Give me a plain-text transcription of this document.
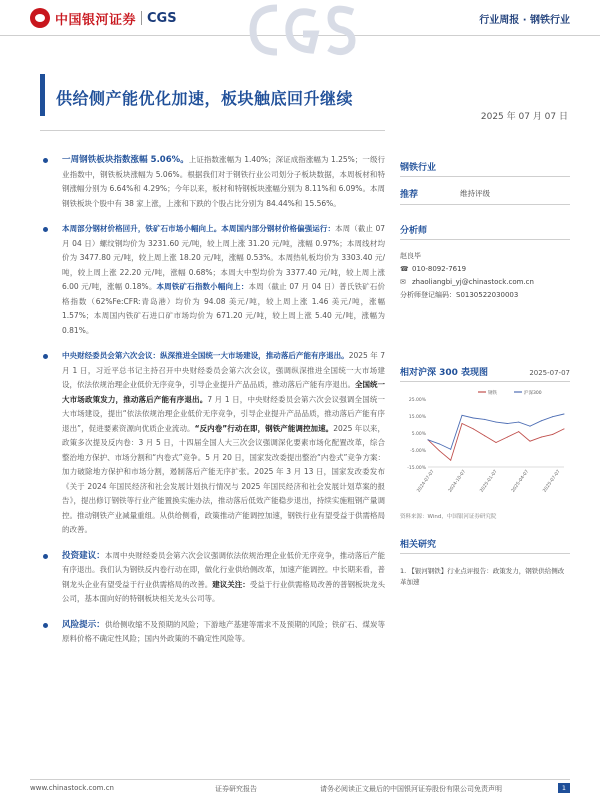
中国银河证券 CGS	行业周报 · 钢铁行业
供给侧产能优化加速，板块触底回升继续
2025 年 07 月 07 日
一周钢铁板块指数涨幅 5.06%。上证指数涨幅为 1.40%；深证成指涨幅为 1.25%；一级行业指数中，钢铁板块涨幅为 5.06%。根据我们对于钢铁行业公司划分子板块数据，本周板材和特钢涨幅分别为 6.64%和 4.29%；今年以来，板材和特钢板块涨幅分别为 8.11%和 6.09%。本周钢铁板块个股中有 38 家上涨，上涨和下跌的个股占比分别为 84.44%和 15.56%。
本周部分钢材价格回升，铁矿石市场小幅向上。本周国内部分钢材价格偏强运行：本周（截止 07 月 04 日）螺纹钢均价为 3231.60 元/吨，较上周上涨 31.20 元/吨，涨幅 0.97%；本周线材均价为 3477.80 元/吨，较上周上涨 18.20 元/吨，涨幅 0.53%。本周热轧板均价为 3303.40 元/吨，较上周上涨 22.20 元/吨，涨幅 0.68%；本周大中型均价为 3377.40 元/吨，较上周上涨 6.00 元/吨，涨幅 0.18%。本周铁矿石指数小幅向上：本周（截止 07 月 04 日）普氏铁矿石价格指数（62%Fe:CFR:青岛港）均价为 94.08 美元/吨，较上周上涨 1.46 美元/吨，涨幅 1.57%；本周国内铁矿石进口矿市场均价为 671.20 元/吨，较上周上涨 5.40 元/吨，涨幅为 0.81%。
中央财经委员会第六次会议：纵深推进全国统一大市场建设，推动落后产能有序退出。2025 年 7 月 1 日，习近平总书记主持召开中央财经委员会第六次会议，强调纵深推进全国统一大市场建设，依法依规治理企业低价无序竞争，引导企业提升产品品质，推动落后产能有序退出。全国统一大市场政策发力，推动落后产能有序退出。7 月 1 日，中央财经委员会第六次会议强调全国统一大市场建设，提出“依法依规治理企业低价无序竞争，引导企业提升产品品质，推动落后产能有序退出”，促进要素资源向优质企业流动。“反内卷”行动在即，钢铁产能调控加速。2025 年以来，政策多次提及反内卷：3 月 5 日，十四届全国人大三次会议强调深化要素市场化配置改革，综合整治地方保护、市场分割和“内卷式”竞争。5 月 20 日，国家发改委提出整治“内卷式”竞争方案：加力破除地方保护和市场分割，遏制落后产能无序扩张。2025 年 3 月 13 日，国家发改委发布《关于 2024 年国民经济和社会发展计划执行情况与 2025 年国民经济和社会发展计划草案的报告》，提出修订钢铁等行业产能置换实施办法，推动落后低效产能稳步退出，持续实施粗钢产量调控。推动钢铁产业减量重组。从供给侧看，政策推动产能调控加速，钢铁行业有望受益于供需格局的改善。
投资建议：本周中央财经委员会第六次会议强调依法依规治理企业低价无序竞争，推动落后产能有序退出。我们认为钢铁反内卷行动在即，做化行业供给侧改革，加速产能调控。中长期来看，普钢龙头企业有望受益于行业供需格局的改善。建议关注：受益于行业供需格局改善的普钢板块龙头公司，基本面向好的特钢板块相关龙头公司等。
风险提示：供给侧收缩不及预期的风险；下游地产基建等需求不及预期的风险；铁矿石、煤炭等原料价格不确定性风险；国内外政策的不确定性风险等。
钢铁行业
推荐	维持评级
分析师
赵良毕
☎ 010-8092-7619
✉ zhaoliangbi_yj@chinastock.com.cn
分析师登记编码：S0130522030003
相对沪深 300 表现图	2025-07-07
25.00%
15.00%
5.00%
-5.00%
-15.00%
钢铁	沪深300
2024-07-07	2024-10-07	2025-01-07	2025-04-07	2025-07-07
资料来源：Wind，中国银河证券研究院
相关研究
1. 【银河钢铁】行业点评报告：政策发力，钢铁供给侧改革加速
www.chinastock.com.cn	证券研究报告	请务必阅读正文最后的中国银河证券股份有限公司免责声明	1
